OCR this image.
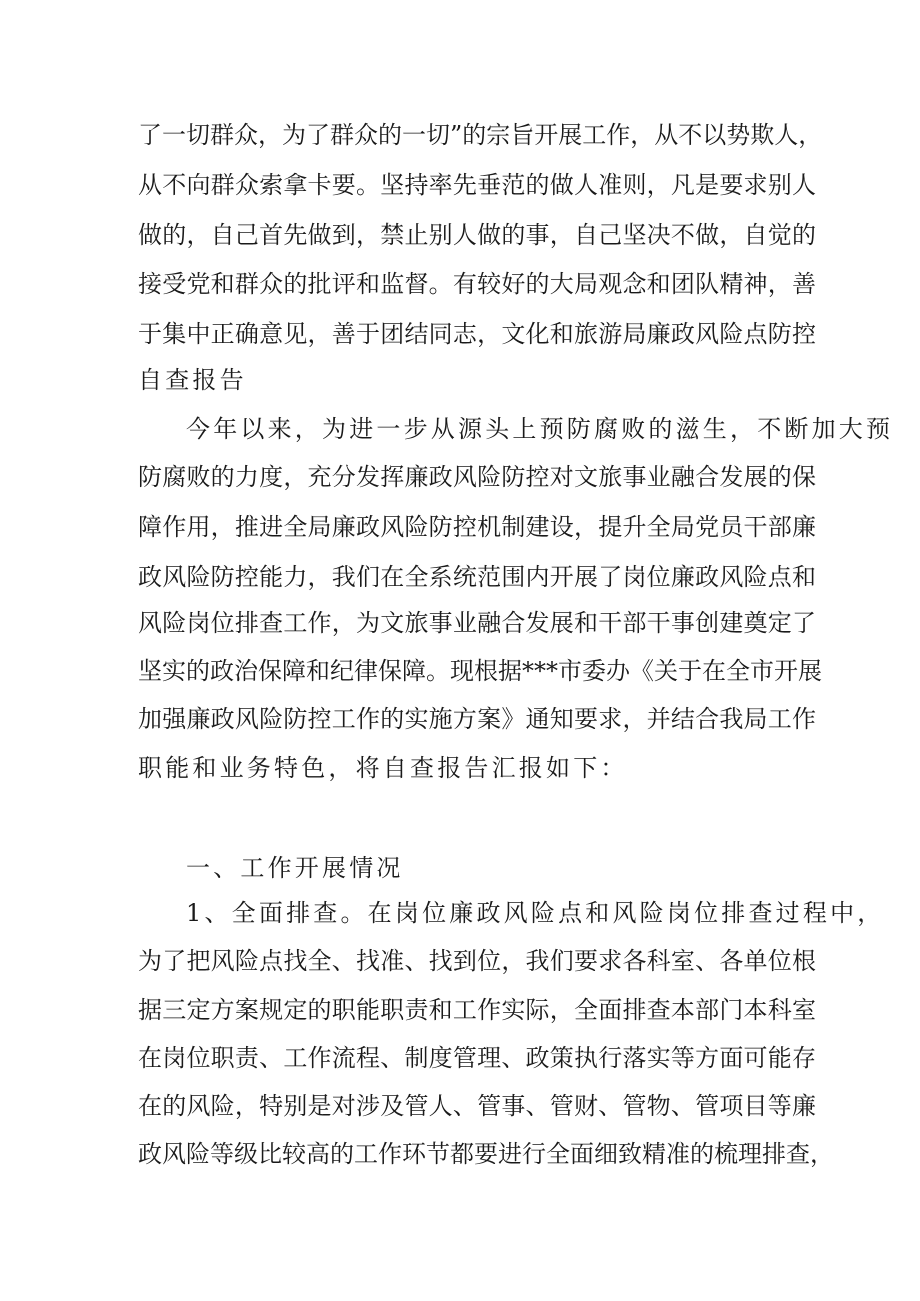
了一切群众，为了群众的一切”的宗旨开展工作，从不以势欺人，
从不向群众索拿卡要。坚持率先垂范的做人准则，凡是要求别人
做的，自己首先做到，禁止别人做的事，自己坚决不做，自觉的
接受党和群众的批评和监督。有较好的大局观念和团队精神，善
于集中正确意见，善于团结同志，文化和旅游局廉政风险点防控
自查报告
今年以来，为进一步从源头上预防腐败的滋生，不断加大预
防腐败的力度，充分发挥廉政风险防控对文旅事业融合发展的保
障作用，推进全局廉政风险防控机制建设，提升全局党员干部廉
政风险防控能力，我们在全系统范围内开展了岗位廉政风险点和
风险岗位排查工作，为文旅事业融合发展和干部干事创建奠定了
坚实的政治保障和纪律保障。现根据***市委办《关于在全市开展
加强廉政风险防控工作的实施方案》通知要求，并结合我局工作
职能和业务特色，将自查报告汇报如下：
一、工作开展情况
1、全面排查。在岗位廉政风险点和风险岗位排查过程中，
为了把风险点找全、找准、找到位，我们要求各科室、各单位根
据三定方案规定的职能职责和工作实际，全面排查本部门本科室
在岗位职责、工作流程、制度管理、政策执行落实等方面可能存
在的风险，特别是对涉及管人、管事、管财、管物、管项目等廉
政风险等级比较高的工作环节都要进行全面细致精准的梳理排查，
